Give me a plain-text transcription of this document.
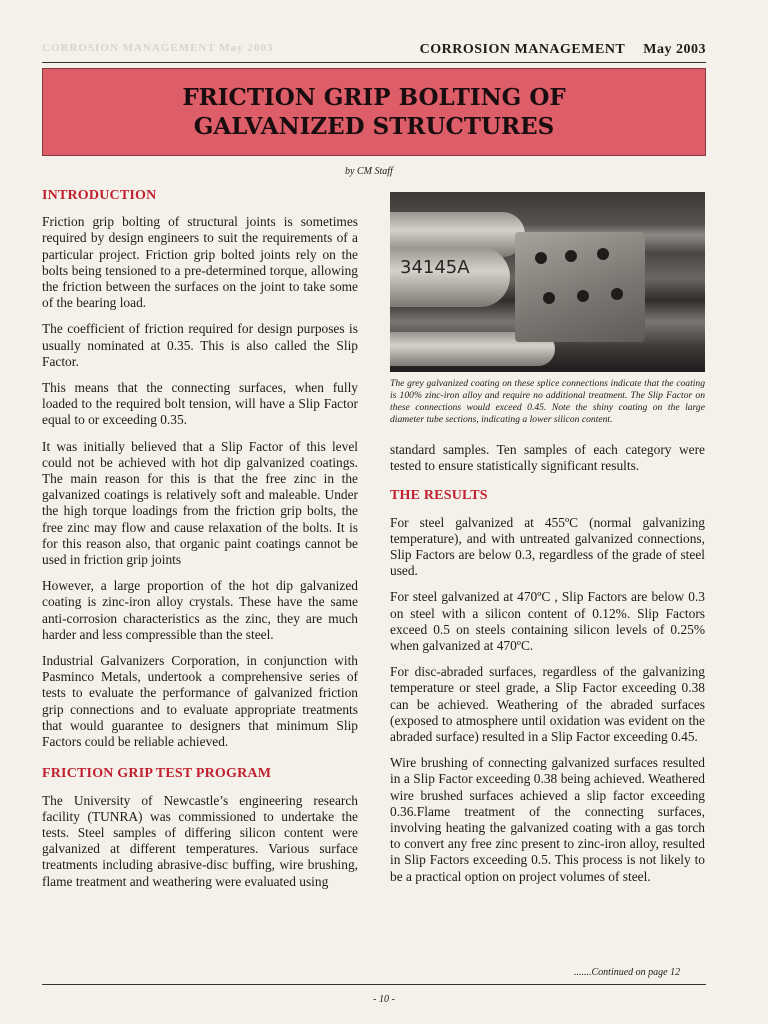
CORROSION MANAGEMENT May 2003	CORROSION MANAGEMENT May 2003
FRICTION GRIP BOLTING OF GALVANIZED STRUCTURES
by CM Staff
INTRODUCTION

Friction grip bolting of structural joints is sometimes required by design engineers to suit the requirements of a particular project. Friction grip bolted joints rely on the bolts being tensioned to a pre-determined torque, allowing the friction between the surfaces on the joint to take some of the bearing load.

The coefficient of friction required for design purposes is usually nominated at 0.35. This is also called the Slip Factor.

This means that the connecting surfaces, when fully loaded to the required bolt tension, will have a Slip Factor equal to or exceeding 0.35.

It was initially believed that a Slip Factor of this level could not be achieved with hot dip galvanized coatings. The main reason for this is that the free zinc in the galvanized coatings is relatively soft and maleable. Under the high torque loadings from the friction grip bolts, the free zinc may flow and cause relaxation of the bolts. It is for this reason also, that organic paint coatings cannot be used in friction grip joints

However, a large proportion of the hot dip galvanized coating is zinc-iron alloy crystals. These have the same anti-corrosion characteristics as the zinc, they are much harder and less compressible than the steel.

Industrial Galvanizers Corporation, in conjunction with Pasminco Metals, undertook a comprehensive series of tests to evaluate the performance of galvanized friction grip connections and to evaluate appropriate treatments that would guarantee to designers that minimum Slip Factors could be reliable achieved.

FRICTION GRIP TEST PROGRAM

The University of Newcastle’s engineering research facility (TUNRA) was commissioned to undertake the tests. Steel samples of differing silicon content were galvanized at different temperatures. Various surface treatments including abrasive-disc buffing, wire brushing, flame treatment and weathering were evaluated using

34145A
The grey galvanized coating on these splice connections indicate that the coating is 100% zinc-iron alloy and require no additional treatment. The Slip Factor on these connections would exceed 0.45. Note the shiny coating on the large diameter tube sections, indicating a lower silicon content.

standard samples. Ten samples of each category were tested to ensure statistically significant results.

THE RESULTS

For steel galvanized at 455ºC (normal galvanizing temperature), and with untreated galvanized connections, Slip Factors are below 0.3, regardless of the grade of steel used.

For steel galvanized at 470ºC , Slip Factors are below 0.3 on steel with a silicon content of 0.12%. Slip Factors exceed 0.5 on steels containing silicon levels of 0.25% when galvanized at 470ºC.

For disc-abraded surfaces, regardless of the galvanizing temperature or steel grade, a Slip Factor exceeding 0.38 can be achieved. Weathering of the abraded surfaces (exposed to atmosphere until oxidation was evident on the abraded surface) resulted in a Slip Factor exceeding 0.45.

Wire brushing of connecting galvanized surfaces resulted in a Slip Factor exceeding 0.38 being achieved. Weathered wire brushed surfaces achieved a slip factor exceeding 0.36.Flame treatment of the connecting surfaces, involving heating the galvanized coating with a gas torch to convert any free zinc present to zinc-iron alloy, resulted in Slip Factors exceeding 0.5. This process is not likely to be a practical option on project volumes of steel.

.......Continued on page 12
- 10 -
